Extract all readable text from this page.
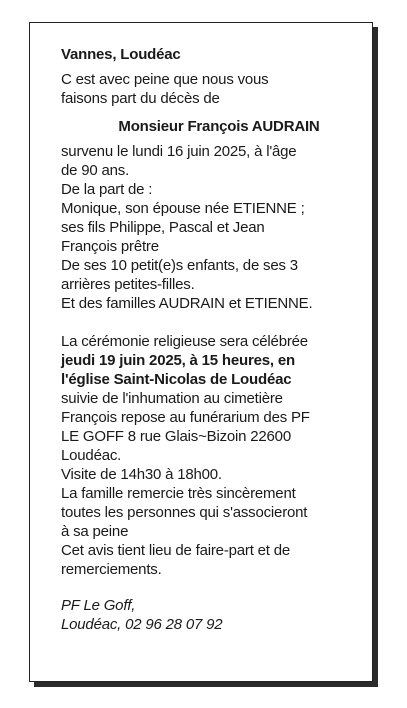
Vannes, Loudéac

C est avec peine que nous vous

faisons part du décès de

Monsieur François AUDRAIN

survenu le lundi 16 juin 2025, à l'âge

de 90 ans.

De la part de :

Monique, son épouse née ETIENNE ;

ses fils Philippe, Pascal et Jean

François prêtre

De ses 10 petit(e)s enfants, de ses 3

arrières petites-filles.

Et des familles AUDRAIN et ETIENNE.

La cérémonie religieuse sera célébrée

jeudi 19 juin 2025, à 15 heures, en

l'église Saint-Nicolas de Loudéac

suivie de l'inhumation au cimetière

François repose au funérarium des PF

LE GOFF 8 rue Glais~Bizoin 22600

Loudéac.

Visite de 14h30 à 18h00.

La famille remercie très sincèrement

toutes les personnes qui s'associeront

à sa peine

Cet avis tient lieu de faire-part et de

remerciements.

PF Le Goff,

Loudéac, 02 96 28 07 92
